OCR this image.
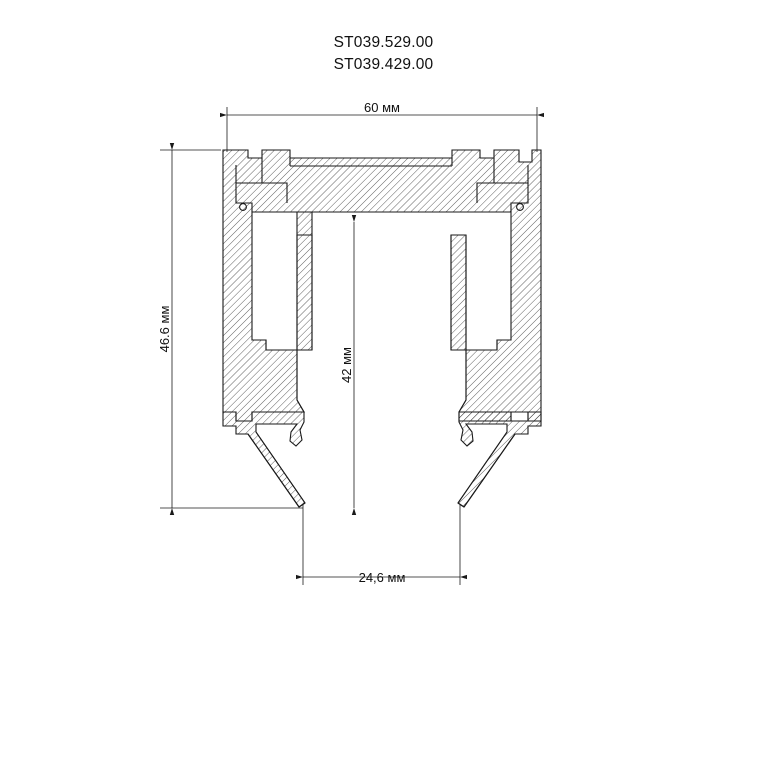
ST039.529.00
ST039.429.00
60 мм
46.6 мм
42 мм
24,6 мм
